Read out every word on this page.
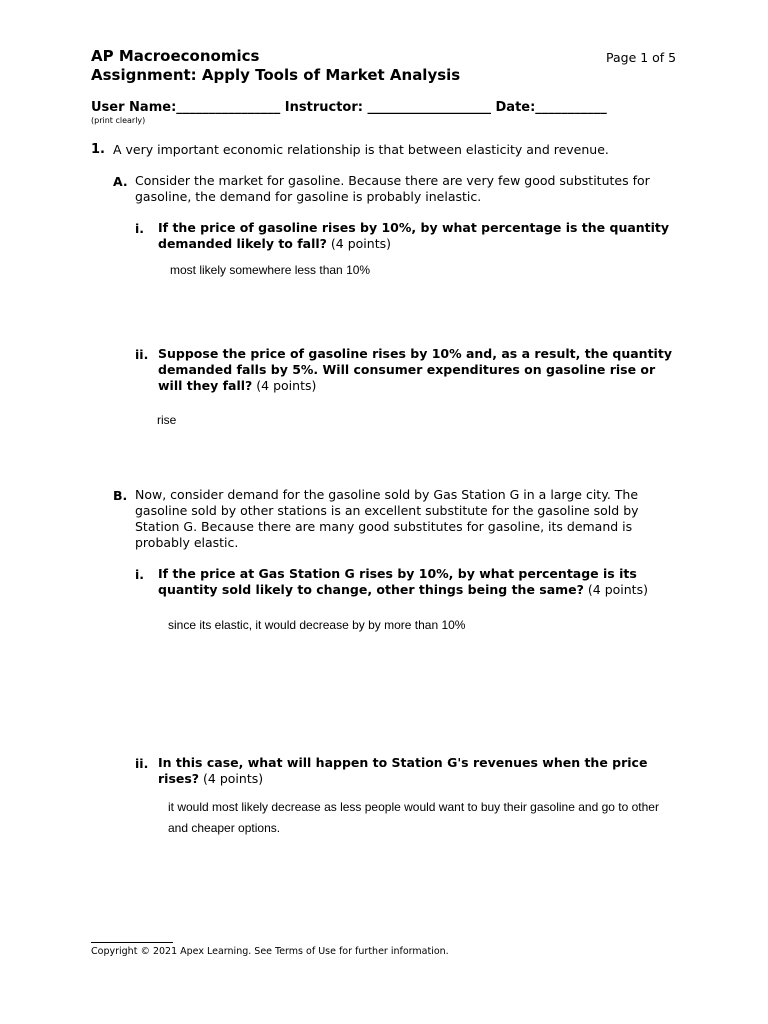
AP Macroeconomics
Assignment: Apply Tools of Market Analysis
Page 1 of 5
User Name:________________ Instructor: ___________________ Date:___________
(print clearly)
1. A very important economic relationship is that between elasticity and revenue.
A. Consider the market for gasoline. Because there are very few good substitutes for gasoline, the demand for gasoline is probably inelastic.
i. If the price of gasoline rises by 10%, by what percentage is the quantity demanded likely to fall? (4 points)
most likely somewhere less than 10%
ii. Suppose the price of gasoline rises by 10% and, as a result, the quantity demanded falls by 5%. Will consumer expenditures on gasoline rise or will they fall? (4 points)
rise
B. Now, consider demand for the gasoline sold by Gas Station G in a large city. The gasoline sold by other stations is an excellent substitute for the gasoline sold by Station G. Because there are many good substitutes for gasoline, its demand is probably elastic.
i. If the price at Gas Station G rises by 10%, by what percentage is its quantity sold likely to change, other things being the same? (4 points)
since its elastic, it would decrease by by more than 10%
ii. In this case, what will happen to Station G's revenues when the price rises? (4 points)
it would most likely decrease as less people would want to buy their gasoline and go to other and cheaper options.
Copyright © 2021 Apex Learning. See Terms of Use for further information.
